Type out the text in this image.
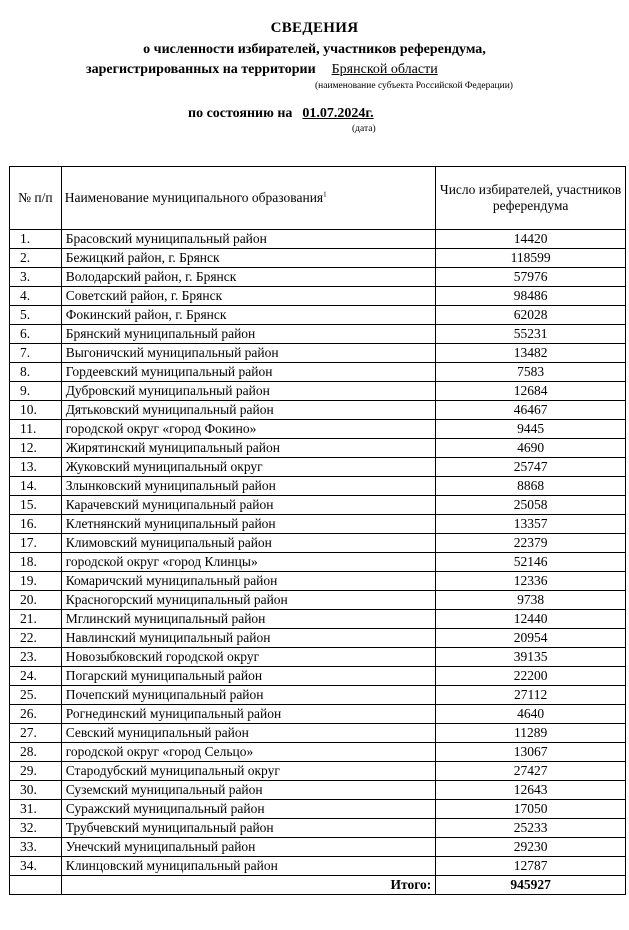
СВЕДЕНИЯ
о численности избирателей, участников референдума,
зарегистрированных на территории Брянской области
(наименование субъекта Российской Федерации)
по состоянию на 01.07.2024г.
(дата)
№ п/п	Наименование муниципального образования$^1$	Число избирателей, участников референдума
1.	Брасовский муниципальный район	14420
2.	Бежицкий район, г. Брянск	118599
3.	Володарский район, г. Брянск	57976
4.	Советский район, г. Брянск	98486
5.	Фокинский район, г. Брянск	62028
6.	Брянский муниципальный район	55231
7.	Выгоничский муниципальный район	13482
8.	Гордеевский муниципальный район	7583
9.	Дубровский муниципальный район	12684
10.	Дятьковский муниципальный район	46467
11.	городской округ «город Фокино»	9445
12.	Жирятинский муниципальный район	4690
13.	Жуковский муниципальный округ	25747
14.	Злынковский муниципальный район	8868
15.	Карачевский муниципальный район	25058
16.	Клетнянский муниципальный район	13357
17.	Климовский муниципальный район	22379
18.	городской округ «город Клинцы»	52146
19.	Комаричский муниципальный район	12336
20.	Красногорский муниципальный район	9738
21.	Мглинский муниципальный район	12440
22.	Навлинский муниципальный район	20954
23.	Новозыбковский городской округ	39135
24.	Погарский муниципальный район	22200
25.	Почепский муниципальный район	27112
26.	Рогнединский муниципальный район	4640
27.	Севский муниципальный район	11289
28.	городской округ «город Сельцо»	13067
29.	Стародубский муниципальный округ	27427
30.	Суземский муниципальный район	12643
31.	Суражский муниципальный район	17050
32.	Трубчевский муниципальный район	25233
33.	Унечский муниципальный район	29230
34.	Клинцовский муниципальный район	12787
	Итого:	945927
